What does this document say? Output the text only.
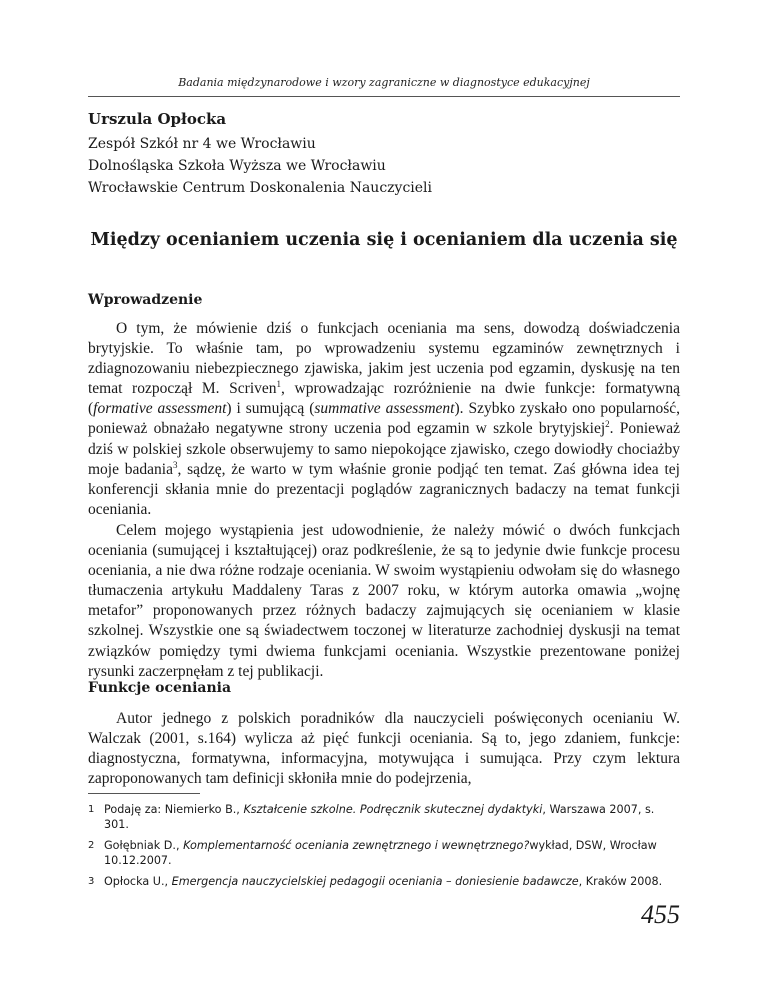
Badania międzynarodowe i wzory zagraniczne w diagnostyce edukacyjnej
Urszula Opłocka
Zespół Szkół nr 4 we Wrocławiu
Dolnośląska Szkoła Wyższa we Wrocławiu
Wrocławskie Centrum Doskonalenia Nauczycieli
Między ocenianiem uczenia się i ocenianiem dla uczenia się
Wprowadzenie

O tym, że mówienie dziś o funkcjach oceniania ma sens, dowodzą doświadczenia brytyjskie. To właśnie tam, po wprowadzeniu systemu egzaminów zewnętrznych i zdiagnozowaniu niebezpiecznego zjawiska, jakim jest uczenia pod egzamin, dyskusję na ten temat rozpoczął M. Scriven$^1$, wprowadzając rozróżnienie na dwie funkcje: formatywną (formative assessment) i sumującą (summative assessment). Szybko zyskało ono popularność, ponieważ obnażało negatywne strony uczenia pod egzamin w szkole brytyjskiej$^2$. Ponieważ dziś w polskiej szkole obserwujemy to samo niepokojące zjawisko, czego dowiodły chociażby moje badania$^3$, sądzę, że warto w tym właśnie gronie podjąć ten temat. Zaś główna idea tej konferencji skłania mnie do prezentacji poglądów zagranicznych badaczy na temat funkcji oceniania.

Celem mojego wystąpienia jest udowodnienie, że należy mówić o dwóch funkcjach oceniania (sumującej i kształtującej) oraz podkreślenie, że są to jedynie dwie funkcje procesu oceniania, a nie dwa różne rodzaje oceniania. W swoim wystąpieniu odwołam się do własnego tłumaczenia artykułu Maddaleny Taras z 2007 roku, w którym autorka omawia „wojnę metafor” proponowanych przez różnych badaczy zajmujących się ocenianiem w klasie szkolnej. Wszystkie one są świadectwem toczonej w literaturze zachodniej dyskusji na temat związków pomiędzy tymi dwiema funkcjami oceniania. Wszystkie prezentowane poniżej rysunki zaczerpnęłam z tej publikacji.

Funkcje oceniania

Autor jednego z polskich poradników dla nauczycieli poświęconych ocenianiu W. Walczak (2001, s.164) wylicza aż pięć funkcji oceniania. Są to, jego zdaniem, funkcje: diagnostyczna, formatywna, informacyjna, motywująca i sumująca. Przy czym lektura zaproponowanych tam definicji skłoniła mnie do podejrzenia,

1 Podaję za: Niemierko B., Kształcenie szkolne. Podręcznik skutecznej dydaktyki, Warszawa 2007, s. 301.
2 Gołębniak D., Komplementarność oceniania zewnętrznego i wewnętrznego?wykład, DSW, Wrocław 10.12.2007.
3 Opłocka U., Emergencja nauczycielskiej pedagogii oceniania – doniesienie badawcze, Kraków 2008.
455
